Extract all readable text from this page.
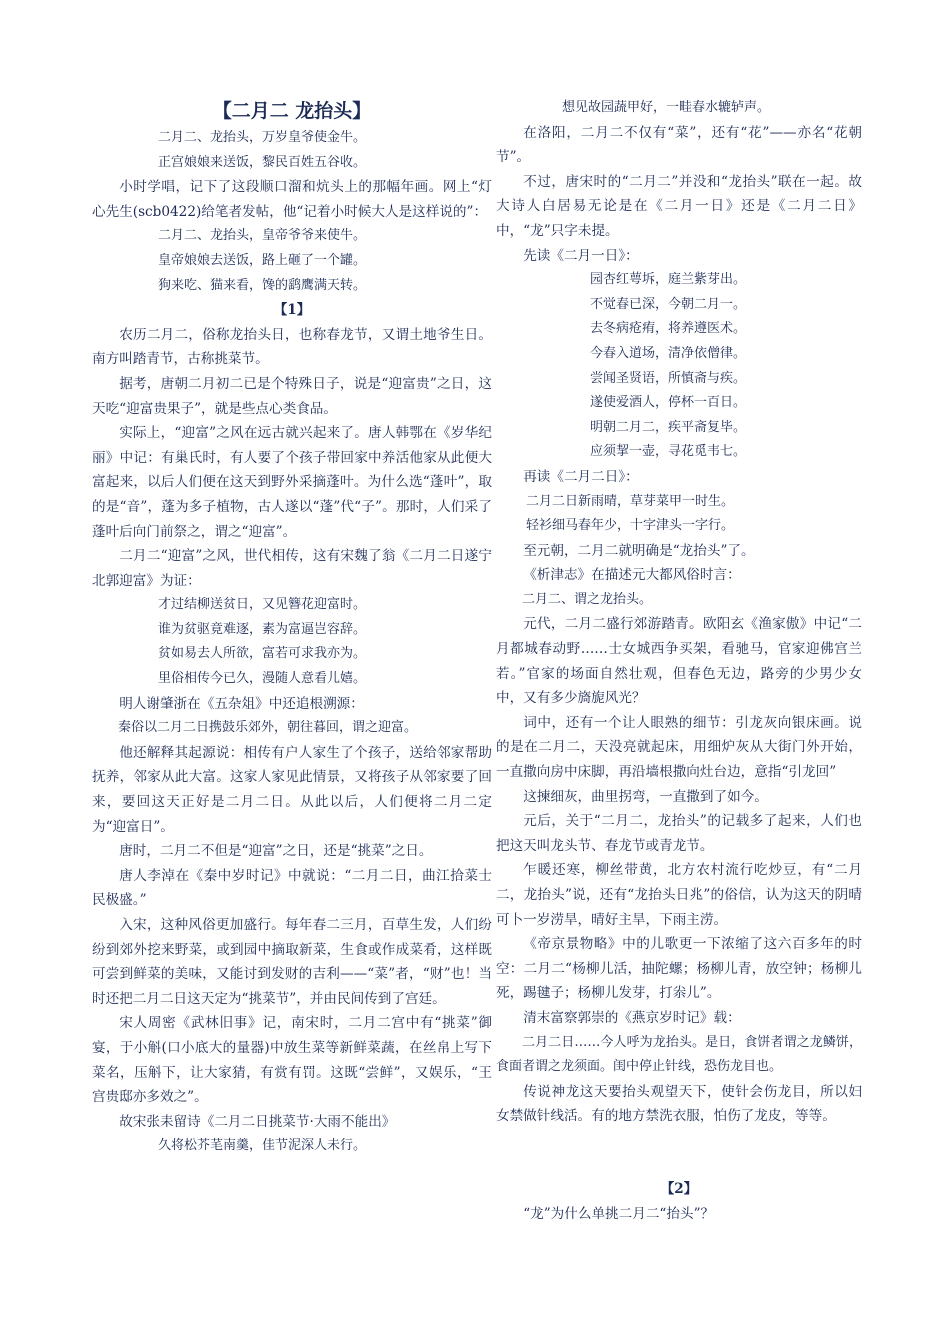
【二月二 龙抬头】

二月二、龙抬头，万岁皇爷使金牛。

正宫娘娘来送饭，黎民百姓五谷收。

小时学唱，记下了这段顺口溜和炕头上的那幅年画。网上“灯心先生(scb0422)给笔者发帖，他“记着小时候大人是这样说的”：

二月二、龙抬头，皇帝爷爷来使牛。

皇帝娘娘去送饭，路上砸了一个罐。

狗来吃、猫来看，馋的鹞鹰满天转。

【1】

农历二月二，俗称龙抬头日，也称春龙节，又谓土地爷生日。南方叫踏青节，古称挑菜节。

据考，唐朝二月初二已是个特殊日子，说是“迎富贵”之日，这天吃“迎富贵果子”，就是些点心类食品。

实际上，“迎富”之风在远古就兴起来了。唐人韩鄂在《岁华纪丽》中记：有巢氏时，有人要了个孩子带回家中养活他家从此便大富起来，以后人们便在这天到野外采摘蓬叶。为什么选“蓬叶”，取的是“音”，蓬为多子植物，古人遂以“蓬”代“子”。那时，人们采了蓬叶后向门前祭之，谓之“迎富”。

二月二“迎富”之风，世代相传，这有宋魏了翁《二月二日遂宁北郭迎富》为证：

才过结柳送贫日，又见簪花迎富时。

谁为贫驱竟难逐，素为富逼岂容辞。

贫如易去人所欲，富若可求我亦为。

里俗相传今已久，漫随人意看儿嬉。

明人谢肇浙在《五杂俎》中还追根溯源：

秦俗以二月二日携鼓乐郊外，朝往暮回，谓之迎富。

他还解释其起源说：相传有户人家生了个孩子，送给邻家帮助抚养，邻家从此大富。这家人家见此情景，又将孩子从邻家要了回来，要回这天正好是二月二日。从此以后，人们便将二月二定为“迎富日”。

唐时，二月二不但是“迎富”之日，还是“挑菜”之日。

唐人李淖在《秦中岁时记》中就说：“二月二日，曲江拾菜士民极盛。”

入宋，这种风俗更加盛行。每年春二三月，百草生发，人们纷纷到郊外挖来野菜，或到园中摘取新菜，生食或作成菜肴，这样既可尝到鲜菜的美味，又能讨到发财的吉利——“菜”者，“财”也！当时还把二月二日这天定为“挑菜节”，并由民间传到了宫廷。

宋人周密《武林旧事》记，南宋时，二月二宫中有“挑菜”御宴，于小斛(口小底大的量器)中放生菜等新鲜菜蔬，在丝帛上写下菜名，压斛下，让大家猜，有赏有罚。这既“尝鲜”，又娱乐，“王宫贵邸亦多效之”。

故宋张耒留诗《二月二日挑菜节·大雨不能出》

久将松芥芼南羹，佳节泥深人未行。

想见故园蔬甲好，一畦春水辘轳声。

在洛阳，二月二不仅有“菜”，还有“花”——亦名“花朝节”。

不过，唐宋时的“二月二”并没和“龙抬头”联在一起。故大诗人白居易无论是在《二月一日》还是《二月二日》中，“龙”只字未提。

先读《二月一日》：

园杏红萼坼，庭兰紫芽出。

不觉春已深，今朝二月一。

去冬病疮痏，将养遵医术。

今春入道场，清净依僧律。

尝闻圣贤语，所慎斋与疾。

遂使爱酒人，停杯一百日。

明朝二月二，疾平斋复毕。

应须挈一壶，寻花觅韦七。

再读《二月二日》：

二月二日新雨晴，草芽菜甲一时生。

轻衫细马春年少，十字津头一字行。

至元朝，二月二就明确是“龙抬头”了。

《析津志》在描述元大都风俗时言：

二月二、谓之龙抬头。

元代，二月二盛行郊游踏青。欧阳玄《渔家傲》中记“二月都城春动野……士女城西争买架，看驰马，官家迎佛宫兰若。”官家的场面自然壮观，但春色无边，路旁的少男少女中，又有多少旖旎风光？

词中，还有一个让人眼熟的细节：引龙灰向银床画。说的是在二月二，天没亮就起床，用细炉灰从大街门外开始，一直撒向房中床脚，再沿墙根撒向灶台边，意指“引龙回”

这揀细灰，曲里拐弯，一直撒到了如今。

元后，关于“二月二，龙抬头”的记载多了起来，人们也把这天叫龙头节、春龙节或青龙节。

乍暖还寒，柳丝带黄，北方农村流行吃炒豆，有“二月二，龙抬头”说，还有“龙抬头日兆”的俗信，认为这天的阴晴可卜一岁涝旱，晴好主旱，下雨主涝。

《帝京景物略》中的儿歌更一下浓缩了这六百多年的时空：二月二“杨柳儿活，抽陀螺；杨柳儿青，放空钟；杨柳儿死，踢毽子；杨柳儿发芽，打尜儿”。

清末富察郭崇的《燕京岁时记》载：

二月二日……今人呼为龙抬头。是日，食饼者谓之龙鳞饼，食面者谓之龙须面。闺中停止针线，恐伤龙目也。

传说神龙这天要抬头观望天下，使针会伤龙目，所以妇女禁做针线活。有的地方禁洗衣服，怕伤了龙皮，等等。

【2】

“龙”为什么单挑二月二“抬头”？
